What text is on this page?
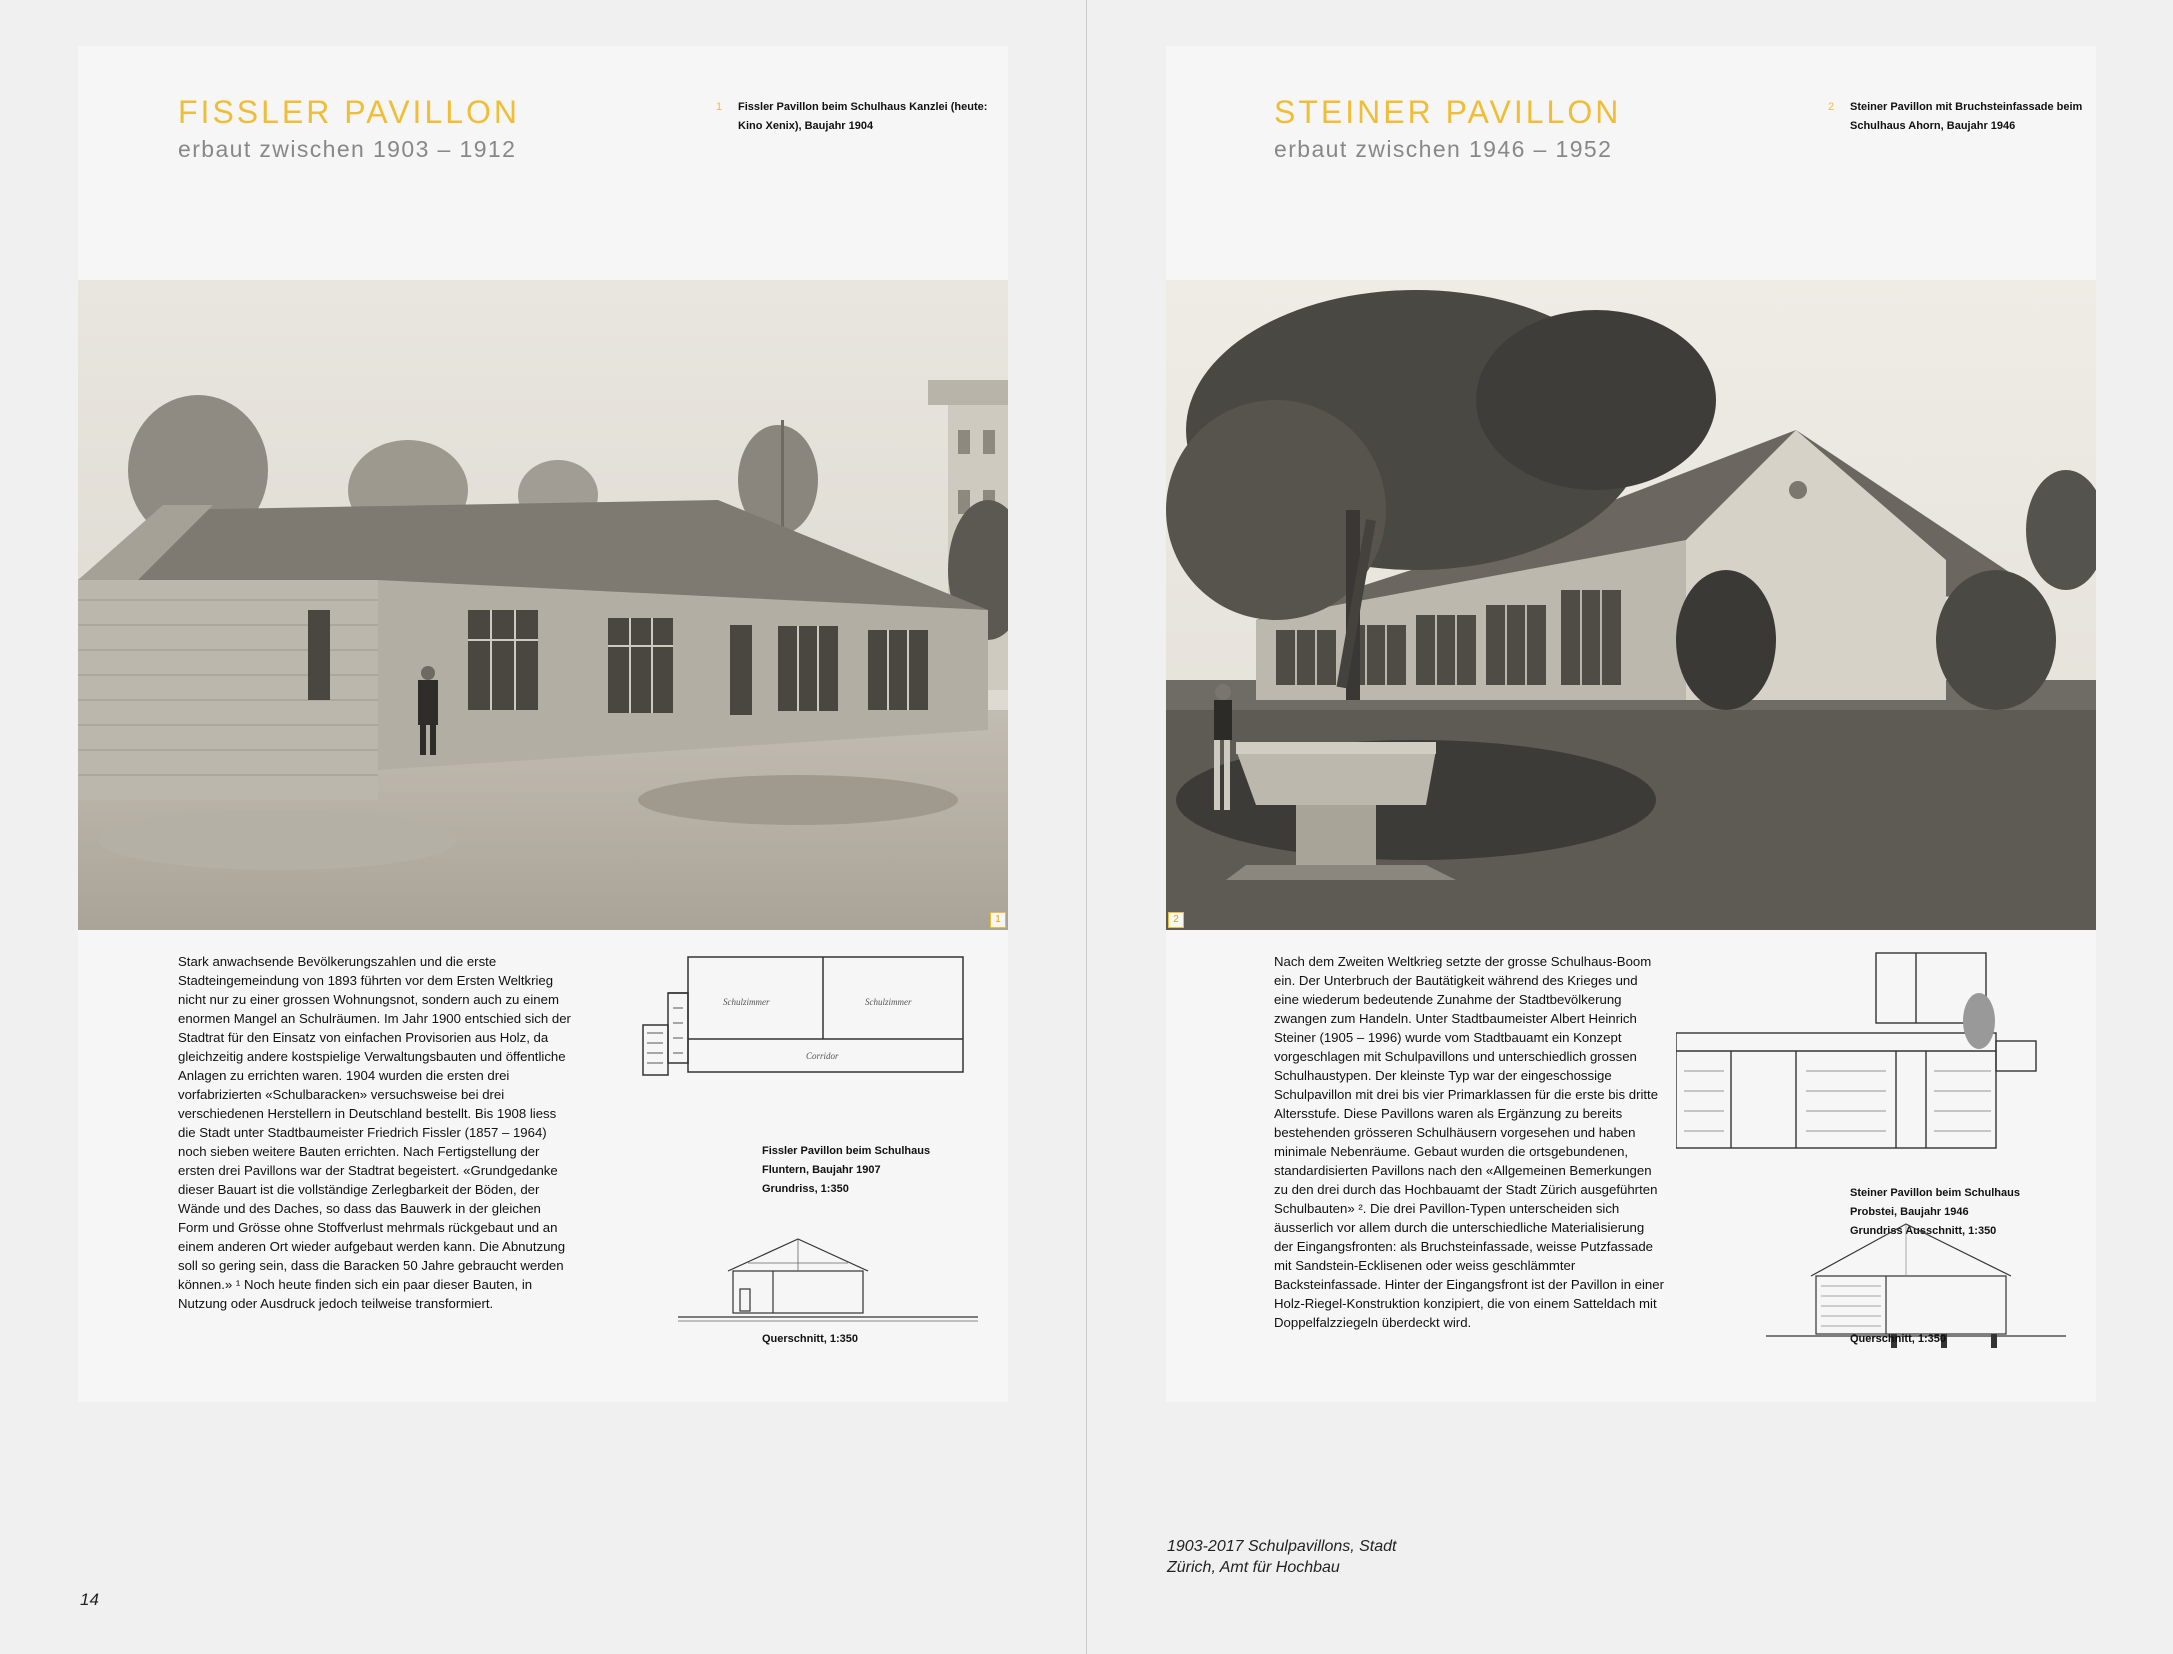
FISSLER PAVILLON

erbaut zwischen 1903 – 1912

1 Fissler Pavillon beim Schulhaus Kanzlei (heute: Kino Xenix), Baujahr 1904
1

Stark anwachsende Bevölkerungszahlen und die erste Stadteingemeindung von 1893 führten vor dem Ersten Weltkrieg nicht nur zu einer grossen Wohnungsnot, sondern auch zu einem enormen Mangel an Schulräumen. Im Jahr 1900 entschied sich der Stadtrat für den Einsatz von einfachen Provisorien aus Holz, da gleichzeitig andere kostspielige Verwaltungsbauten und öffentliche Anlagen zu errichten waren. 1904 wurden die ersten drei vorfabrizierten «Schulbaracken» versuchsweise bei drei verschiedenen Herstellern in Deutschland bestellt. Bis 1908 liess die Stadt unter Stadtbaumeister Friedrich Fissler (1857 – 1964) noch sieben weitere Bauten errichten. Nach Fertigstellung der ersten drei Pavillons war der Stadtrat begeistert. «Grundgedanke dieser Bauart ist die vollständige Zerlegbarkeit der Böden, der Wände und des Daches, so dass das Bauwerk in der gleichen Form und Grösse ohne Stoffverlust mehrmals rückgebaut und an einem anderen Ort wieder aufgebaut werden kann. Die Abnutzung soll so gering sein, dass die Baracken 50 Jahre gebraucht werden können.» ¹ Noch heute finden sich ein paar dieser Bauten, in Nutzung oder Ausdruck jedoch teilweise transformiert.

Schulzimmer	Schulzimmer
Corridor
Fissler Pavillon beim Schulhaus
Fluntern, Baujahr 1907
Grundriss, 1:350
Querschnitt, 1:350
STEINER PAVILLON

erbaut zwischen 1946 – 1952

2 Steiner Pavillon mit Bruchsteinfassade beim Schulhaus Ahorn, Baujahr 1946
2

Nach dem Zweiten Weltkrieg setzte der grosse Schulhaus-Boom ein. Der Unterbruch der Bautätigkeit während des Krieges und eine wiederum bedeutende Zunahme der Stadtbevölkerung zwangen zum Handeln. Unter Stadtbaumeister Albert Heinrich Steiner (1905 – 1996) wurde vom Stadtbauamt ein Konzept vorgeschlagen mit Schulpavillons und unterschiedlich grossen Schulhaustypen. Der kleinste Typ war der eingeschossige Schulpavillon mit drei bis vier Primarklassen für die erste bis dritte Altersstufe. Diese Pavillons waren als Ergänzung zu bereits bestehenden grösseren Schulhäusern vorgesehen und haben minimale Nebenräume. Gebaut wurden die ortsgebundenen, standardisierten Pavillons nach den «Allgemeinen Bemerkungen zu den drei durch das Hochbauamt der Stadt Zürich ausgeführten Schulbauten» ². Die drei Pavillon-Typen unterscheiden sich äusserlich vor allem durch die unterschiedliche Materialisierung der Eingangsfronten: als Bruchsteinfassade, weisse Putzfassade mit Sandstein-Ecklisenen oder weiss geschlämmter Backsteinfassade. Hinter der Eingangsfront ist der Pavillon in einer Holz-Riegel-Konstruktion konzipiert, die von einem Satteldach mit Doppelfalzziegeln überdeckt wird.

Steiner Pavillon beim Schulhaus
Probstei, Baujahr 1946
Grundriss Ausschnitt, 1:350
Querschnitt, 1:350
1903-2017 Schulpavillons, Stadt
Zürich, Amt für Hochbau
14
